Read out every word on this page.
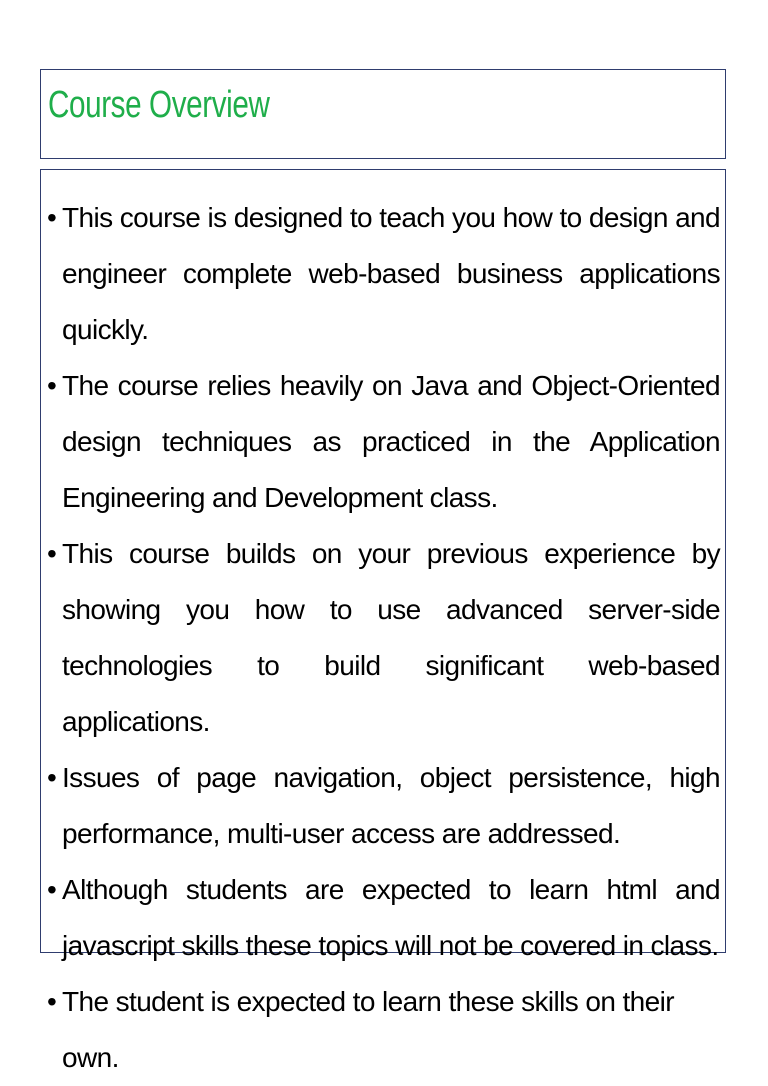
Course Overview
• This course is designed to teach you how to design and engineer complete web-based business applications quickly.
• The course relies heavily on Java and Object-Oriented design techniques as practiced in the Application Engineering and Development class.
• This course builds on your previous experience by showing you how to use advanced server-side technologies to build significant web-based applications.
• Issues of page navigation, object persistence, high performance, multi-user access are addressed.
• Although students are expected to learn html and javascript skills these topics will not be covered in class.
• The student is expected to learn these skills on their own.
